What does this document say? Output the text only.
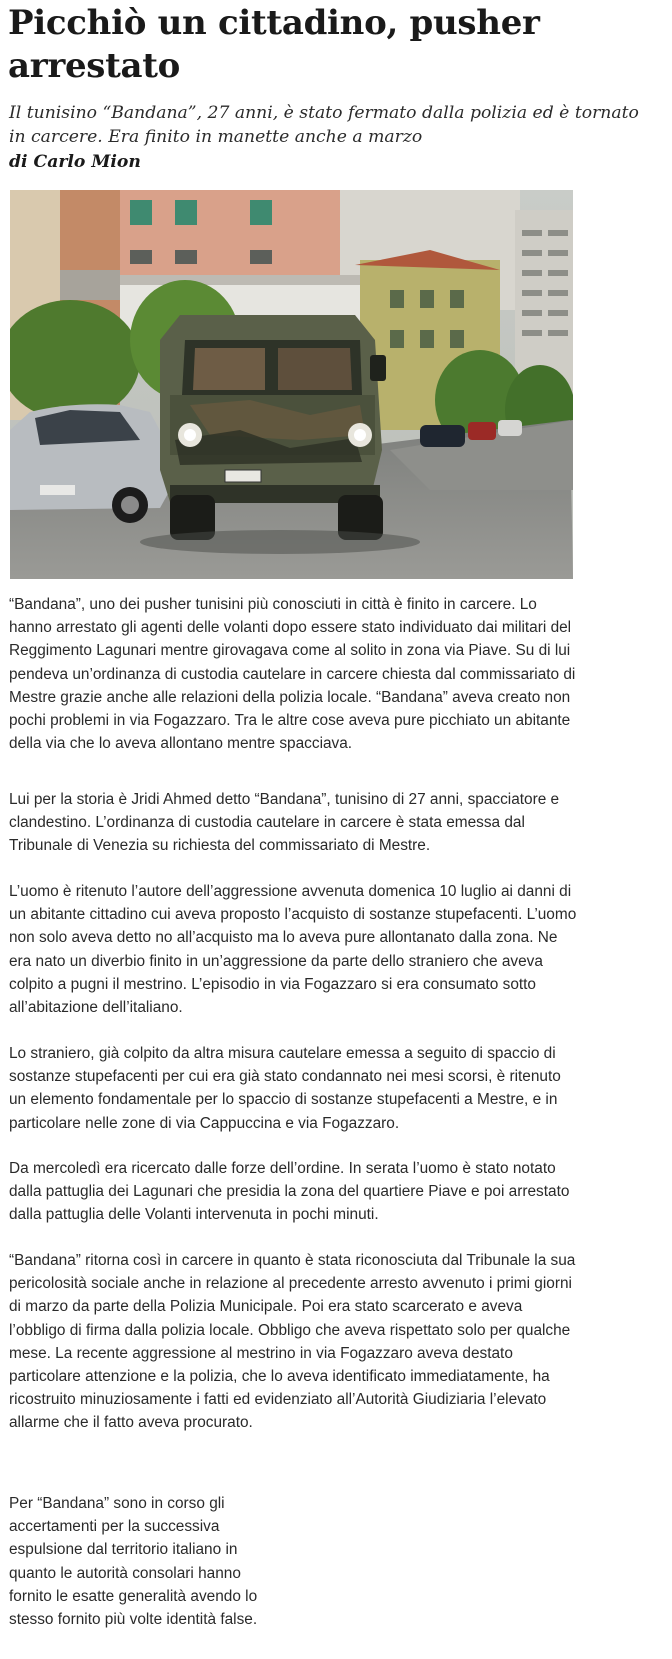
Picchiò un cittadino, pusher arrestato

Il tunisino “Bandana”, 27 anni, è stato fermato dalla polizia ed è tornato in carcere. Era finito in manette anche a marzo

di Carlo Mion

“Bandana”, uno dei pusher tunisini più conosciuti in città è finito in carcere. Lo hanno arrestato gli agenti delle volanti dopo essere stato individuato dai militari del Reggimento Lagunari mentre girovagava come al solito in zona via Piave. Su di lui pendeva un’ordinanza di custodia cautelare in carcere chiesta dal commissariato di Mestre grazie anche alle relazioni della polizia locale. “Bandana” aveva creato non pochi problemi in via Fogazzaro. Tra le altre cose aveva pure picchiato un abitante della via che lo aveva allontano mentre spacciava.

Lui per la storia è Jridi Ahmed detto “Bandana”, tunisino di 27 anni, spacciatore e clandestino. L’ordinanza di custodia cautelare in carcere è stata emessa dal Tribunale di Venezia su richiesta del commissariato di Mestre.

L’uomo è ritenuto l’autore dell’aggressione avvenuta domenica 10 luglio ai danni di un abitante cittadino cui aveva proposto l’acquisto di sostanze stupefacenti. L’uomo non solo aveva detto no all’acquisto ma lo aveva pure allontanato dalla zona. Ne era nato un diverbio finito in un’aggressione da parte dello straniero che aveva colpito a pugni il mestrino. L’episodio in via Fogazzaro si era consumato sotto all’abitazione dell’italiano.

Lo straniero, già colpito da altra misura cautelare emessa a seguito di spaccio di sostanze stupefacenti per cui era già stato condannato nei mesi scorsi, è ritenuto un elemento fondamentale per lo spaccio di sostanze stupefacenti a Mestre, e in particolare nelle zone di via Cappuccina e via Fogazzaro.

Da mercoledì era ricercato dalle forze dell’ordine. In serata l’uomo è stato notato dalla pattuglia dei Lagunari che presidia la zona del quartiere Piave e poi arrestato dalla pattuglia delle Volanti intervenuta in pochi minuti.

“Bandana” ritorna così in carcere in quanto è stata riconosciuta dal Tribunale la sua pericolosità sociale anche in relazione al precedente arresto avvenuto i primi giorni di marzo da parte della Polizia Municipale. Poi era stato scarcerato e aveva l’obbligo di firma dalla polizia locale. Obbligo che aveva rispettato solo per qualche mese. La recente aggressione al mestrino in via Fogazzaro aveva destato particolare attenzione e la polizia, che lo aveva identificato immediatamente, ha ricostruito minuziosamente i fatti ed evidenziato all’Autorità Giudiziaria l’elevato allarme che il fatto aveva procurato.

Per “Bandana” sono in corso gli accertamenti per la successiva espulsione dal territorio italiano in quanto le autorità consolari hanno fornito le esatte generalità avendo lo stesso fornito più volte identità false.
